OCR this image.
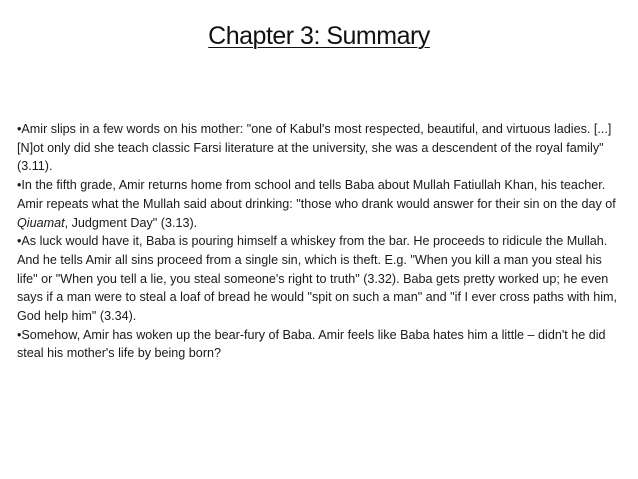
Chapter 3: Summary

•Amir slips in a few words on his mother: "one of Kabul's most respected, beautiful, and virtuous ladies. [...] [N]ot only did she teach classic Farsi literature at the university, she was a descendent of the royal family" (3.11).

•In the fifth grade, Amir returns home from school and tells Baba about Mullah Fatiullah Khan, his teacher. Amir repeats what the Mullah said about drinking: "those who drank would answer for their sin on the day of Qiuamat, Judgment Day" (3.13).

•As luck would have it, Baba is pouring himself a whiskey from the bar. He proceeds to ridicule the Mullah. And he tells Amir all sins proceed from a single sin, which is theft. E.g. "When you kill a man you steal his life" or "When you tell a lie, you steal someone's right to truth" (3.32). Baba gets pretty worked up; he even says if a man were to steal a loaf of bread he would "spit on such a man" and "if I ever cross paths with him, God help him" (3.34).

•Somehow, Amir has woken up the bear-fury of Baba. Amir feels like Baba hates him a little – didn't he did steal his mother's life by being born?
